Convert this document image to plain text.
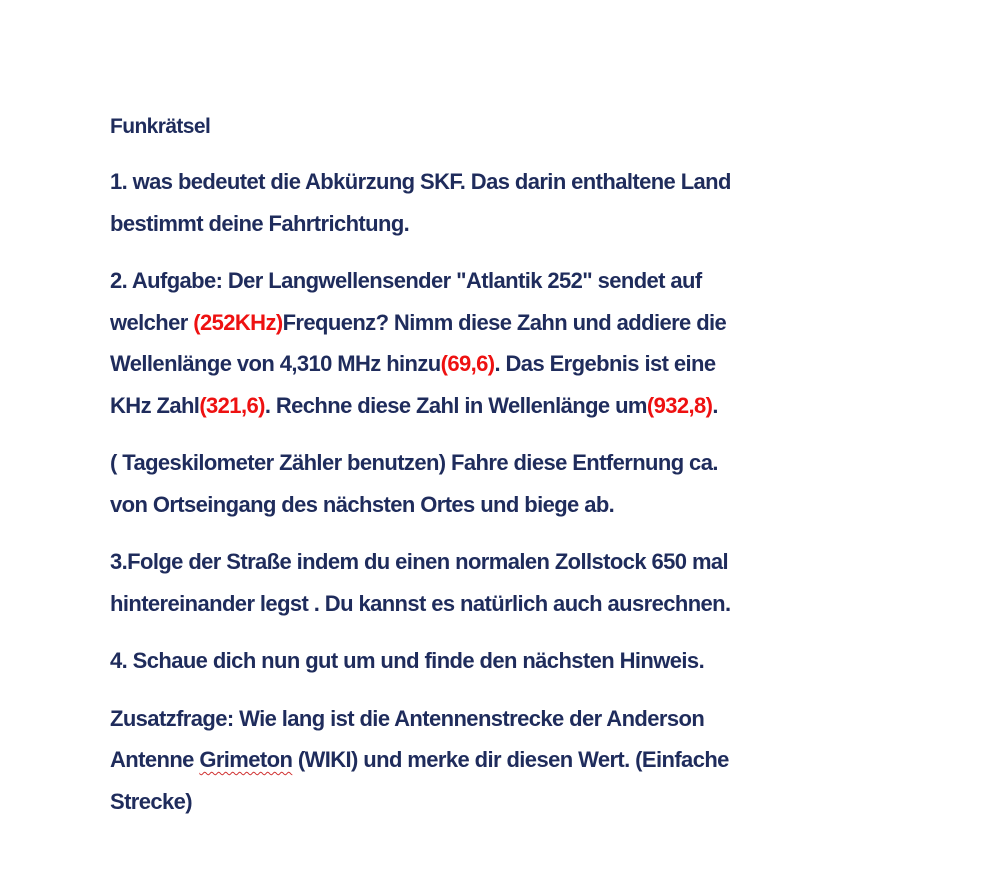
Funkrätsel
1. was bedeutet die Abkürzung SKF. Das darin enthaltene Land
bestimmt deine Fahrtrichtung.
2. Aufgabe: Der Langwellensender "Atlantik 252" sendet auf
welcher (252KHz)Frequenz? Nimm diese Zahn und addiere die
Wellenlänge von 4,310 MHz hinzu(69,6). Das Ergebnis ist eine
KHz Zahl(321,6). Rechne diese Zahl in Wellenlänge um(932,8).
( Tageskilometer Zähler benutzen) Fahre diese Entfernung ca.
von Ortseingang des nächsten Ortes und biege ab.
3.Folge der Straße indem du einen normalen Zollstock 650 mal
hintereinander legst . Du kannst es natürlich auch ausrechnen.
4. Schaue dich nun gut um und finde den nächsten Hinweis.
Zusatzfrage: Wie lang ist die Antennenstrecke der Anderson
Antenne Grimeton (WIKI) und merke dir diesen Wert. (Einfache
Strecke)
